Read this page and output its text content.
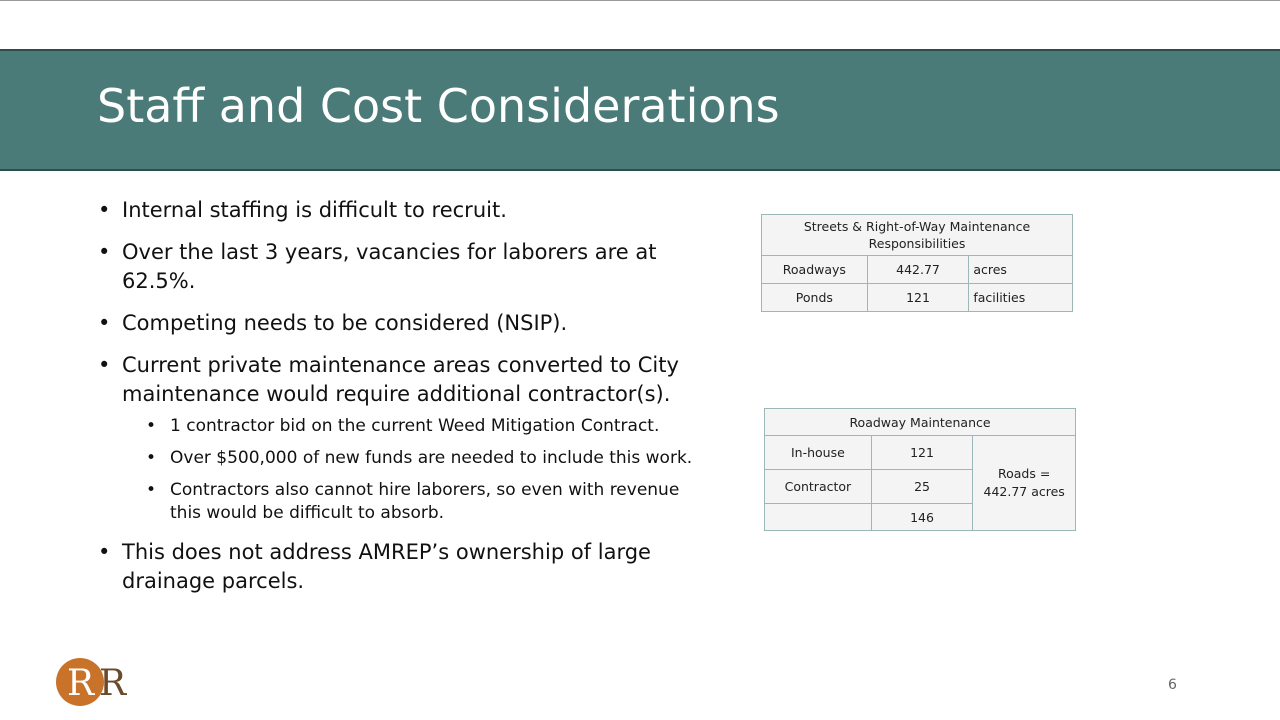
Staff and Cost Considerations
• Internal staffing is difficult to recruit.
• Over the last 3 years, vacancies for laborers are at 62.5%.
• Competing needs to be considered (NSIP).
• Current private maintenance areas converted to City maintenance would require additional contractor(s).
• 1 contractor bid on the current Weed Mitigation Contract.
• Over $500,000 of new funds are needed to include this work.
• Contractors also cannot hire laborers, so even with revenue this would be difficult to absorb.
• This does not address AMREP’s ownership of large drainage parcels.
Streets & Right-of-Way Maintenance Responsibilities		
Roadways	442.77	acres
Ponds	121	facilities
Roadway Maintenance		
In-house	121	Roads = 442.77 acres
Contractor	25	
	146	
R R	6
